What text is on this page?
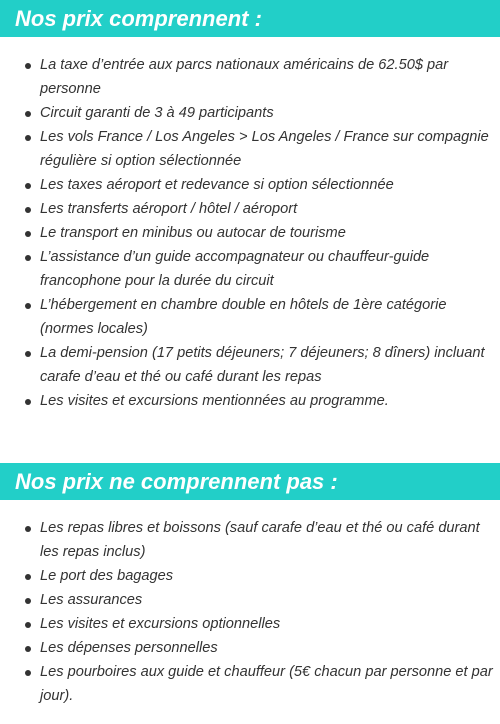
Nos prix comprennent :
La taxe d’entrée aux parcs nationaux américains de 62.50$ par personne
Circuit garanti de 3 à 49 participants
Les vols France / Los Angeles > Los Angeles / France sur compagnie régulière si option sélectionnée
Les taxes aéroport et redevance si option sélectionnée
Les transferts aéroport / hôtel / aéroport
Le transport en minibus ou autocar de tourisme
L’assistance d’un guide accompagnateur ou chauffeur-guide francophone pour la durée du circuit
L’hébergement en chambre double en hôtels de 1ère catégorie (normes locales)
La demi-pension (17 petits déjeuners; 7 déjeuners; 8 dîners) incluant carafe d’eau et thé ou café durant les repas
Les visites et excursions mentionnées au programme.
Nos prix ne comprennent pas :
Les repas libres et boissons (sauf carafe d’eau et thé ou café durant les repas inclus)
Le port des bagages
Les assurances
Les visites et excursions optionnelles
Les dépenses personnelles
Les pourboires aux guide et chauffeur (5€ chacun par personne et par jour).
